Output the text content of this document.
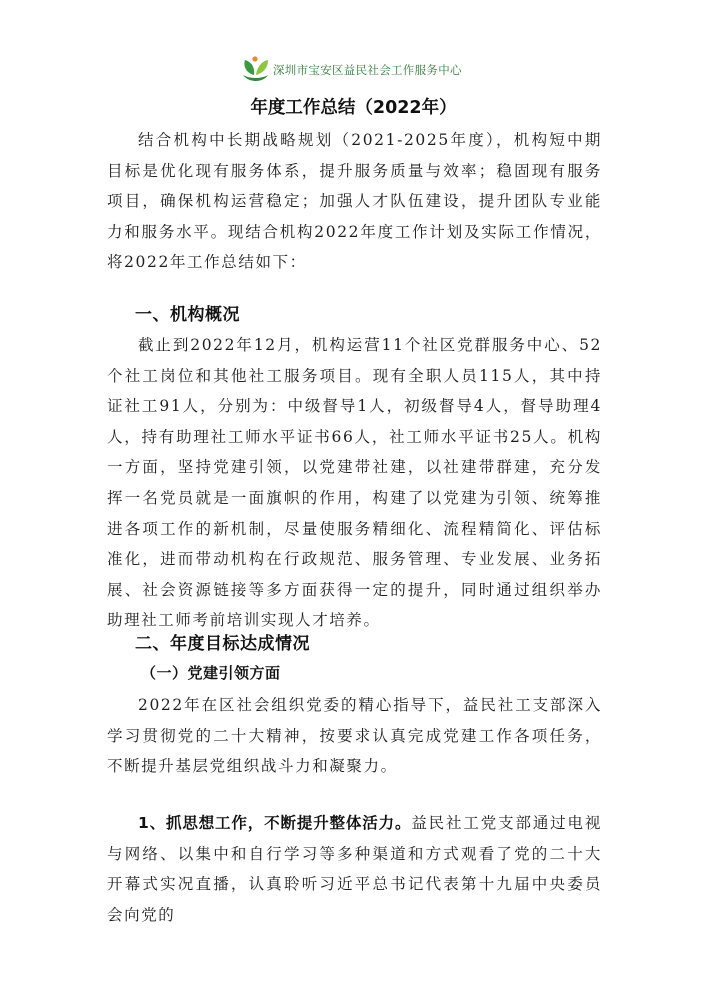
深圳市宝安区益民社会工作服务中心
年度工作总结（2022年）

结合机构中长期战略规划（2021-2025年度），机构短中期目标是优化现有服务体系，提升服务质量与效率；稳固现有服务项目，确保机构运营稳定；加强人才队伍建设，提升团队专业能力和服务水平。现结合机构2022年度工作计划及实际工作情况，将2022年工作总结如下：

一、机构概况

截止到2022年12月，机构运营11个社区党群服务中心、52个社工岗位和其他社工服务项目。现有全职人员115人，其中持证社工91人，分别为：中级督导1人，初级督导4人，督导助理4人，持有助理社工师水平证书66人，社工师水平证书25人。机构一方面，坚持党建引领，以党建带社建，以社建带群建，充分发挥一名党员就是一面旗帜的作用，构建了以党建为引领、统筹推进各项工作的新机制，尽量使服务精细化、流程精简化、评估标准化，进而带动机构在行政规范、服务管理、专业发展、业务拓展、社会资源链接等多方面获得一定的提升，同时通过组织举办助理社工师考前培训实现人才培养。

二、年度目标达成情况
（一）党建引领方面

2022年在区社会组织党委的精心指导下，益民社工支部深入学习贯彻党的二十大精神，按要求认真完成党建工作各项任务，不断提升基层党组织战斗力和凝聚力。

1、抓思想工作，不断提升整体活力。益民社工党支部通过电视与网络、以集中和自行学习等多种渠道和方式观看了党的二十大开幕式实况直播，认真聆听习近平总书记代表第十九届中央委员会向党的
